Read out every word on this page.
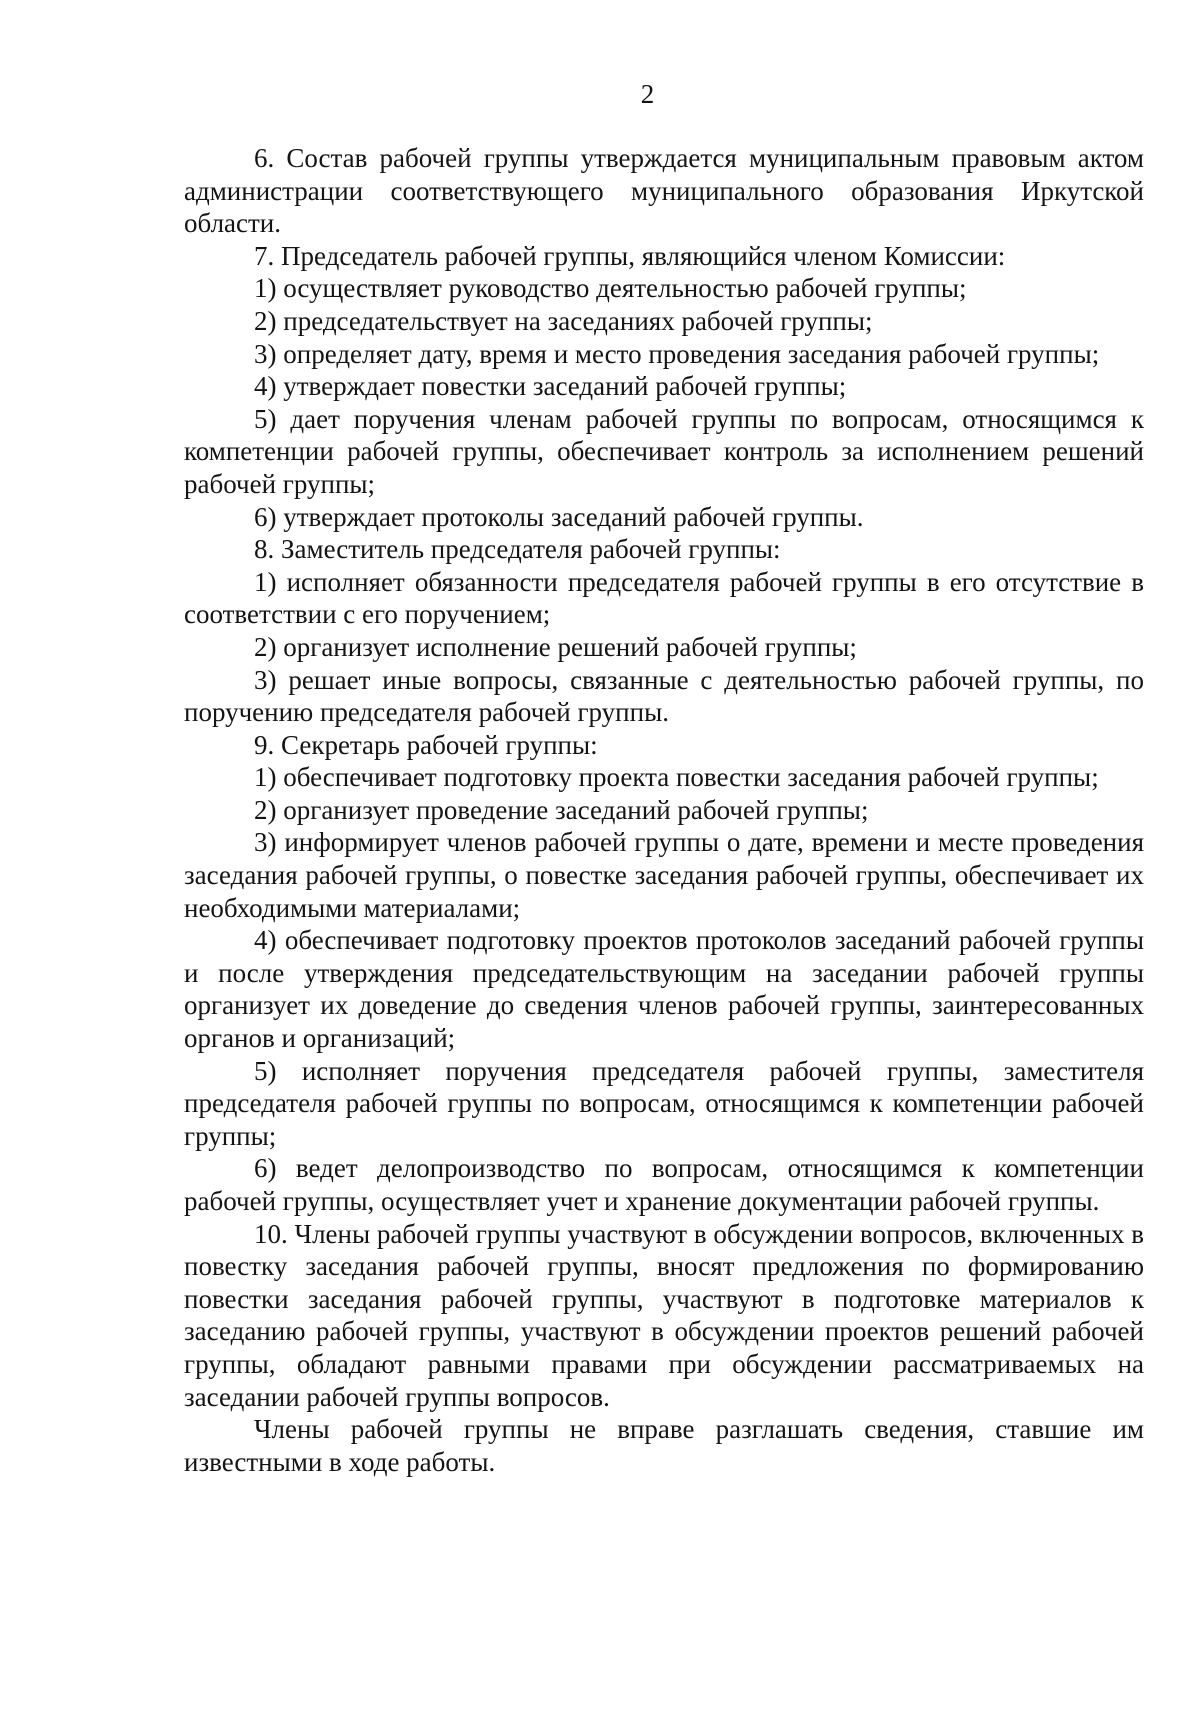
2

6. Состав рабочей группы утверждается муниципальным правовым актом администрации соответствующего муниципального образования Иркутской области.

7. Председатель рабочей группы, являющийся членом Комиссии:

1) осуществляет руководство деятельностью рабочей группы;

2) председательствует на заседаниях рабочей группы;

3) определяет дату, время и место проведения заседания рабочей группы;

4) утверждает повестки заседаний рабочей группы;

5) дает поручения членам рабочей группы по вопросам, относящимся к компетенции рабочей группы, обеспечивает контроль за исполнением решений рабочей группы;

6) утверждает протоколы заседаний рабочей группы.

8. Заместитель председателя рабочей группы:

1) исполняет обязанности председателя рабочей группы в его отсутствие в соответствии с его поручением;

2) организует исполнение решений рабочей группы;

3) решает иные вопросы, связанные с деятельностью рабочей группы, по поручению председателя рабочей группы.

9. Секретарь рабочей группы:

1) обеспечивает подготовку проекта повестки заседания рабочей группы;

2) организует проведение заседаний рабочей группы;

3) информирует членов рабочей группы о дате, времени и месте проведения заседания рабочей группы, о повестке заседания рабочей группы, обеспечивает их необходимыми материалами;

4) обеспечивает подготовку проектов протоколов заседаний рабочей группы и после утверждения председательствующим на заседании рабочей группы организует их доведение до сведения членов рабочей группы, заинтересованных органов и организаций;

5) исполняет поручения председателя рабочей группы, заместителя председателя рабочей группы по вопросам, относящимся к компетенции рабочей группы;

6) ведет делопроизводство по вопросам, относящимся к компетенции рабочей группы, осуществляет учет и хранение документации рабочей группы.

10. Члены рабочей группы участвуют в обсуждении вопросов, включенных в повестку заседания рабочей группы, вносят предложения по формированию повестки заседания рабочей группы, участвуют в подготовке материалов к заседанию рабочей группы, участвуют в обсуждении проектов решений рабочей группы, обладают равными правами при обсуждении рассматриваемых на заседании рабочей группы вопросов.

Члены рабочей группы не вправе разглашать сведения, ставшие им известными в ходе работы.
